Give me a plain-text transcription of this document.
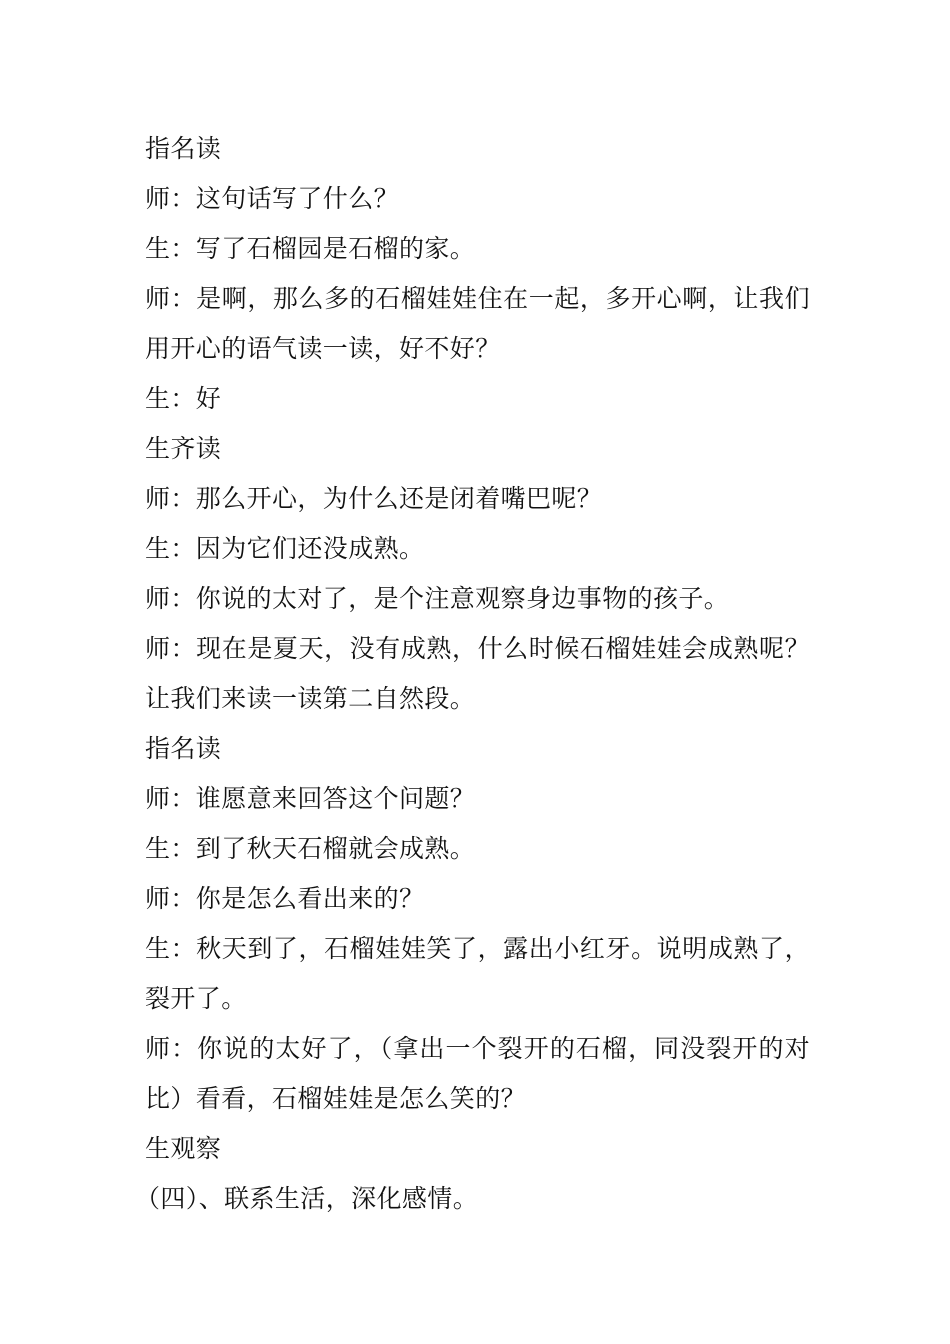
指名读

师：这句话写了什么？

生：写了石榴园是石榴的家。

师：是啊，那么多的石榴娃娃住在一起，多开心啊，让我们用开心的语气读一读，好不好？

生：好

生齐读

师：那么开心，为什么还是闭着嘴巴呢？

生：因为它们还没成熟。

师：你说的太对了，是个注意观察身边事物的孩子。

师：现在是夏天，没有成熟，什么时候石榴娃娃会成熟呢？让我们来读一读第二自然段。

指名读

师：谁愿意来回答这个问题？

生：到了秋天石榴就会成熟。

师：你是怎么看出来的？

生：秋天到了，石榴娃娃笑了，露出小红牙。说明成熟了，裂开了。

师：你说的太好了，（拿出一个裂开的石榴，同没裂开的对比）看看，石榴娃娃是怎么笑的？

生观察

（四）、联系生活，深化感情。
